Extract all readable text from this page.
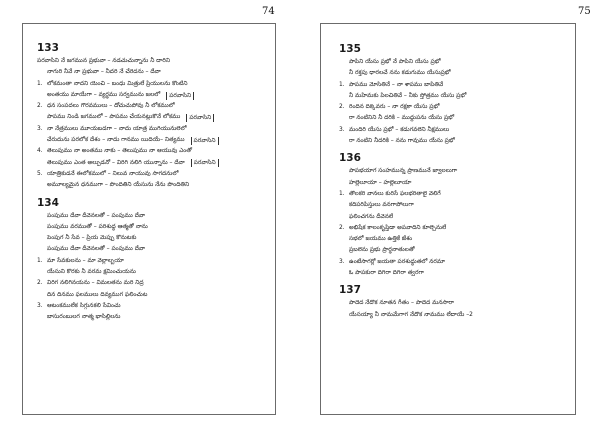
74
133
పరవాసిని నే జగమున ప్రభువా – నడచుచున్నాను నీ దారిని
నాగురి నీవే నా ప్రభువా – నీదరి నే చేరెదను – దేవా
1. లోకమంతా నాదని యెంచి – బంధు మిత్రులే ప్రియులను కొంటిని
అంతయు మాయేగా – వ్యర్థము సర్వమును జలలో	పరవాసిని
2. ధన సంపదలు గౌరవములు – దోచుచుపోవు నీ లోకములో
పాపము నిండి జగములో – పాపము చేయనట్లుకొనే లోకము	పరవాసిని
3. నా నేత్రములు మూయబడగా – నాదు యాత్ర ముగియునులెలో
చేరుదును పరలోక దేశం – నాదు గానము యిదియే– నిత్యము	పరవాసిని
4. తెలుపుము నా అంతము నాకు – తెలుపుము నా ఆయువు ఎంతో
తెలుపుము ఎంత అల్పుడనో – విరిగి నలిగి యున్నాను – దేవా	పరవాసిని
5. యాత్రికుడనే ఈలోకములో – నిలువ నాయువు సాగదనులో
అమూల్యమైన ధనముగా – పొందితిని యేసును నేను పొందితిని
134
పంపుము దేవా దీవెనలతో – పంపుము దేవా
పంపుము వరముతో – పరిశుద్ధ ఆత్మతో నాను
పెంపుగ నీ సేవ – ప్రియ మెప్పు కొనుటకు
పంపుము దేవా దీవెనలతో – పంపుము దేవా
1. మా సేవకులను – మా వెల్లాల్బయా
యేసుని కొరకు నీ వరమ క్షమించుయను
2. విరిగ నలిగినయను – విమలతను మరి నిద్ర
దిన దినము ఫలములు దివ్యముగ ఫలించుట
3. ఆటంకములేక సిగ్గునకలి సేవించు
బాసురంబులగ నాత్మ భాసిల్లిలను
75
135
పాపిని యేసు ప్రభో నే పాపిని యేసు ప్రభో
నీ రక్తపు ధారలచే నను కడుగుము యేసుప్రభో
1. పాపము మోసితినే – నా శాపము బాపితివే
నీ మహిమకు పిలచితివే – నీకు స్తోత్రము యేసు ప్రభో
2. రిందిన దిక్కెవరు – నా రక్షకా యేసు ప్రభో
రా నంటినిని నీ దరికి – ముద్దుపను యేసు ప్రభో
3. మందిరి యేసు ప్రభో – కడుగవలెని నీక్షములు
రా నంటిని నీదరికి – నను గావుము యేసు ప్రభో
136
పాపభయాగ సంహమున్న ప్రాణమునే జ్వాలలుగా
హల్లెలూయా – హల్లెలూయా
1. తొలకరి వానలు కురిసే ఫలభరితాలై వెలిగే
కదిపరిపిస్తులు వనగాపోలుగా
ఫలించగను దీవెనలే
2. అభిషేక కాలంకృప్తిడా అపవాదిని కూల్చెనులే
సభలో జయము ఉత్తికే జేశం
ప్రబలెను ప్రభు ప్రార్థనాతులతో
3. ఉంటేసాగర్లో జయతా పరశుద్ధుతలో నరమా
ఓ పాపకురా దిగిరా దిగిరా త్వరగా
137
పాదెద నేదొక నూతన గీతం – పాదెద మనసారా
యేసయ్యా నీ నామమేగాగ నేదొక నామము లేదాయే –2
